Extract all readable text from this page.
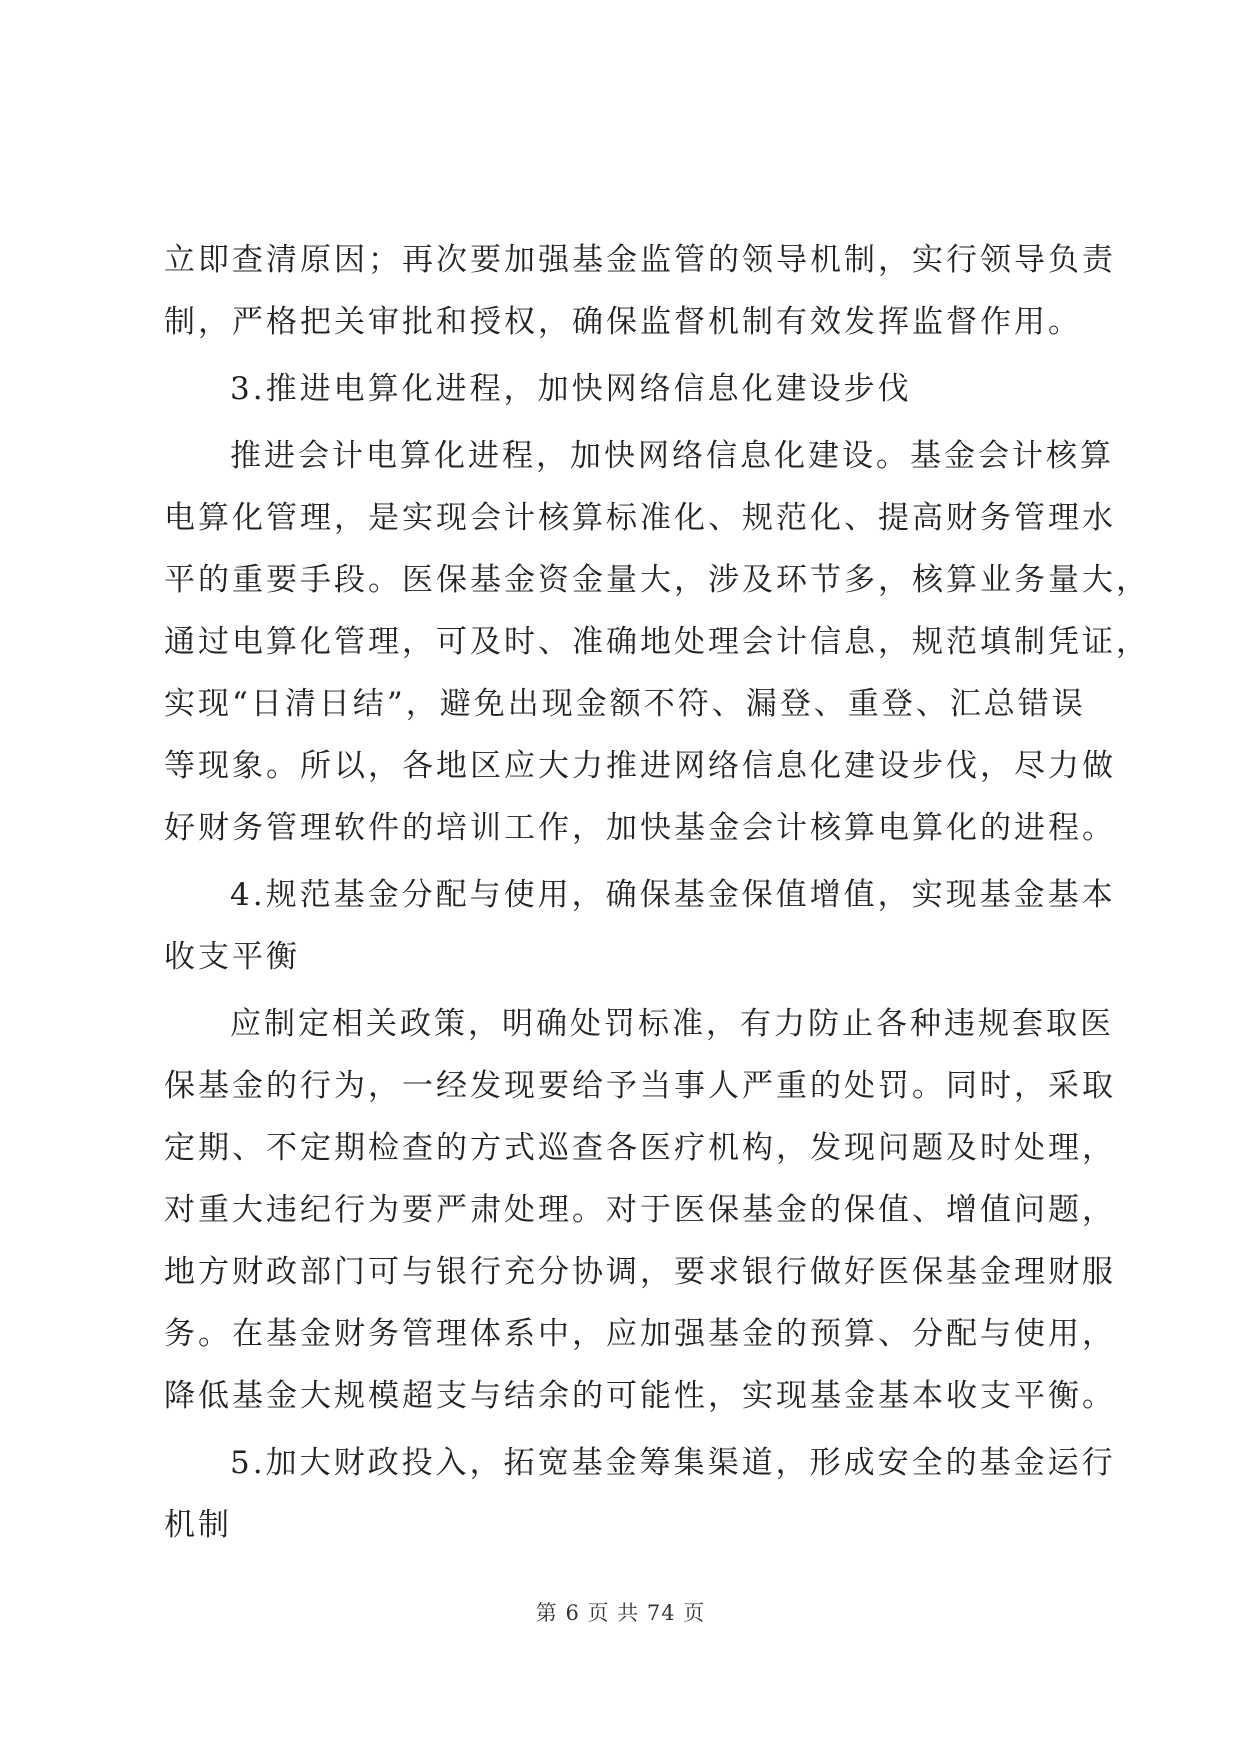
立即查清原因；再次要加强基金监管的领导机制，实行领导负责
制，严格把关审批和授权，确保监督机制有效发挥监督作用。
3.推进电算化进程，加快网络信息化建设步伐
推进会计电算化进程，加快网络信息化建设。基金会计核算
电算化管理，是实现会计核算标准化、规范化、提高财务管理水
平的重要手段。医保基金资金量大，涉及环节多，核算业务量大，
通过电算化管理，可及时、准确地处理会计信息，规范填制凭证，
实现“日清日结”，避免出现金额不符、漏登、重登、汇总错误
等现象。所以，各地区应大力推进网络信息化建设步伐，尽力做
好财务管理软件的培训工作，加快基金会计核算电算化的进程。
4.规范基金分配与使用，确保基金保值增值，实现基金基本
收支平衡
应制定相关政策，明确处罚标准，有力防止各种违规套取医
保基金的行为，一经发现要给予当事人严重的处罚。同时，采取
定期、不定期检查的方式巡查各医疗机构，发现问题及时处理，
对重大违纪行为要严肃处理。对于医保基金的保值、增值问题，
地方财政部门可与银行充分协调，要求银行做好医保基金理财服
务。在基金财务管理体系中，应加强基金的预算、分配与使用，
降低基金大规模超支与结余的可能性，实现基金基本收支平衡。
5.加大财政投入，拓宽基金筹集渠道，形成安全的基金运行
机制
第 6 页 共 74 页
